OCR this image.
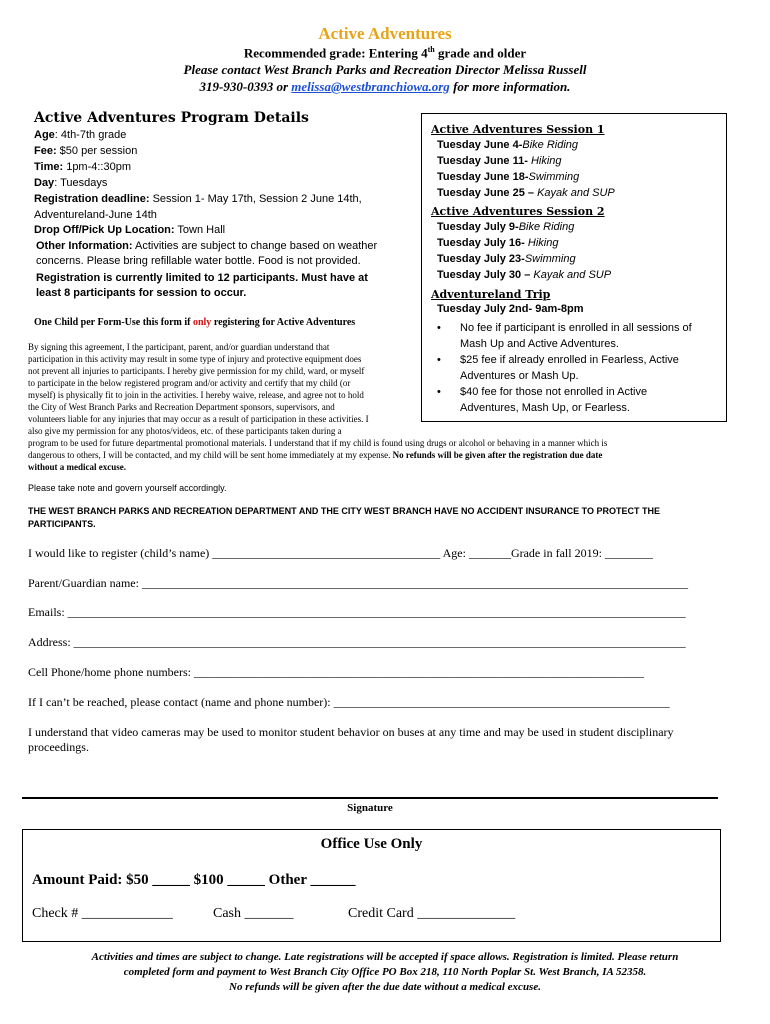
Active Adventures
Recommended grade: Entering 4th grade and older
Please contact West Branch Parks and Recreation Director Melissa Russell
319-930-0393 or melissa@westbranchiowa.org for more information.
Active Adventures Program Details
Age: 4th-7th grade
Fee: $50 per session
Time: 1pm-4::30pm
Day: Tuesdays
Registration deadline: Session 1- May 17th, Session 2 June 14th,
Adventureland-June 14th
Drop Off/Pick Up Location: Town Hall
Other Information: Activities are subject to change based on weather concerns. Please bring refillable water bottle. Food is not provided.
Registration is currently limited to 12 participants. Must have at least 8 participants for session to occur.
Active Adventures Session 1
Tuesday June 4-Bike Riding
Tuesday June 11- Hiking
Tuesday June 18-Swimming
Tuesday June 25 – Kayak and SUP
Active Adventures Session 2
Tuesday July 9-Bike Riding
Tuesday July 16- Hiking
Tuesday July 23-Swimming
Tuesday July 30 – Kayak and SUP
Adventureland Trip
Tuesday July 2nd- 9am-8pm
• No fee if participant is enrolled in all sessions of Mash Up and Active Adventures.
• $25 fee if already enrolled in Fearless, Active Adventures or Mash Up.
• $40 fee for those not enrolled in Active Adventures, Mash Up, or Fearless.
One Child per Form-Use this form if only registering for Active Adventures
By signing this agreement, I the participant, parent, and/or guardian understand that
participation in this activity may result in some type of injury and protective equipment does
not prevent all injuries to participants. I hereby give permission for my child, ward, or myself
to participate in the below registered program and/or activity and certify that my child (or
myself) is physically fit to join in the activities. I hereby waive, release, and agree not to hold
the City of West Branch Parks and Recreation Department sponsors, supervisors, and
volunteers liable for any injuries that may occur as a result of participation in these activities. I
also give my permission for any photos/videos, etc. of these participants taken during a
program to be used for future departmental promotional materials. I understand that if my child is found using drugs or alcohol or behaving in a manner which is
dangerous to others, I will be contacted, and my child will be sent home immediately at my expense. No refunds will be given after the registration due date
without a medical excuse.
Please take note and govern yourself accordingly.
THE WEST BRANCH PARKS AND RECREATION DEPARTMENT AND THE CITY WEST BRANCH HAVE NO ACCIDENT INSURANCE TO PROTECT THE PARTICIPANTS.
I would like to register (child’s name) ______________________________________ Age: _______Grade in fall 2019: ________
Parent/Guardian name: ___________________________________________________________________________________________
Emails: _______________________________________________________________________________________________________
Address: ______________________________________________________________________________________________________
Cell Phone/home phone numbers: ___________________________________________________________________________
If I can’t be reached, please contact (name and phone number): ________________________________________________________
I understand that video cameras may be used to monitor student behavior on buses at any time and may be used in student disciplinary proceedings.
Signature
Office Use Only
Amount Paid: $50 _____ $100 _____ Other ______
Check # _____________	Cash _______	Credit Card ______________
Activities and times are subject to change. Late registrations will be accepted if space allows. Registration is limited. Please return
completed form and payment to West Branch City Office PO Box 218, 110 North Poplar St. West Branch, IA 52358.
No refunds will be given after the due date without a medical excuse.
